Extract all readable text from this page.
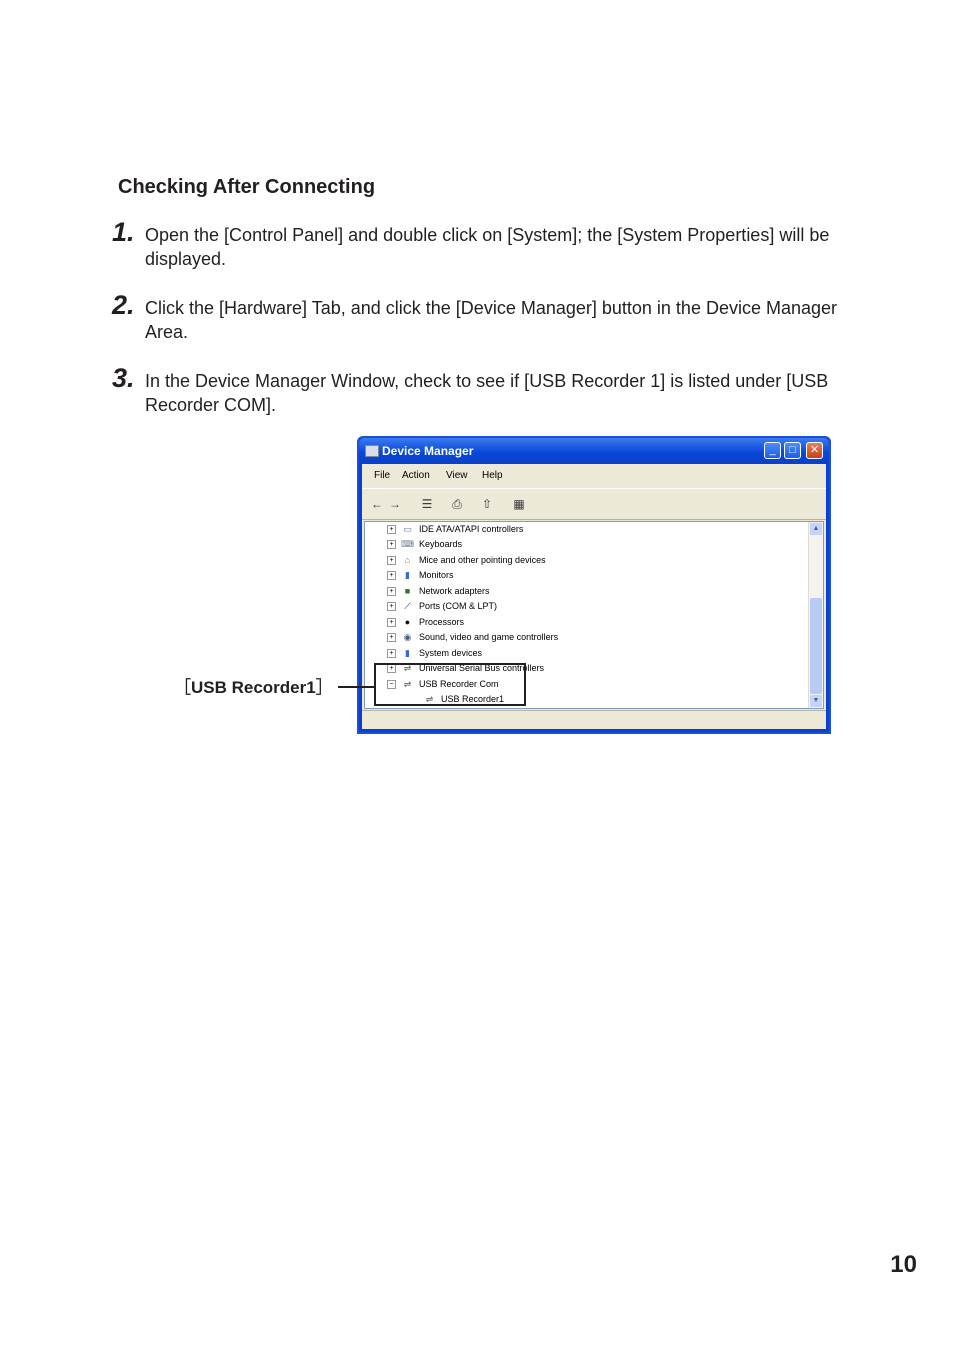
Checking After Connecting
1. Open the [Control Panel] and double click on [System]; the [System Properties] will be displayed.

2. Click the [Hardware] Tab, and click the [Device Manager] button in the Device Manager Area.

3. In the Device Manager Window, check to see if [USB Recorder 1] is listed under [USB Recorder COM].

Device Manager	_	□	✕
File Action View Help
← → ☰ ⎙ ⇧ ▦
+ ▭ IDE ATA/ATAPI controllers
+ ⌨ Keyboards
+ ⌂ Mice and other pointing devices
+ ▮ Monitors
+ ■ Network adapters
+ ⟋ Ports (COM & LPT)
+ ● Processors
+ ◉ Sound, video and game controllers
+ ▮ System devices
+ ⇌ Universal Serial Bus controllers
− ⇌ USB Recorder Com
⇌ USB Recorder1
▲
▼
［USB Recorder1］
10
